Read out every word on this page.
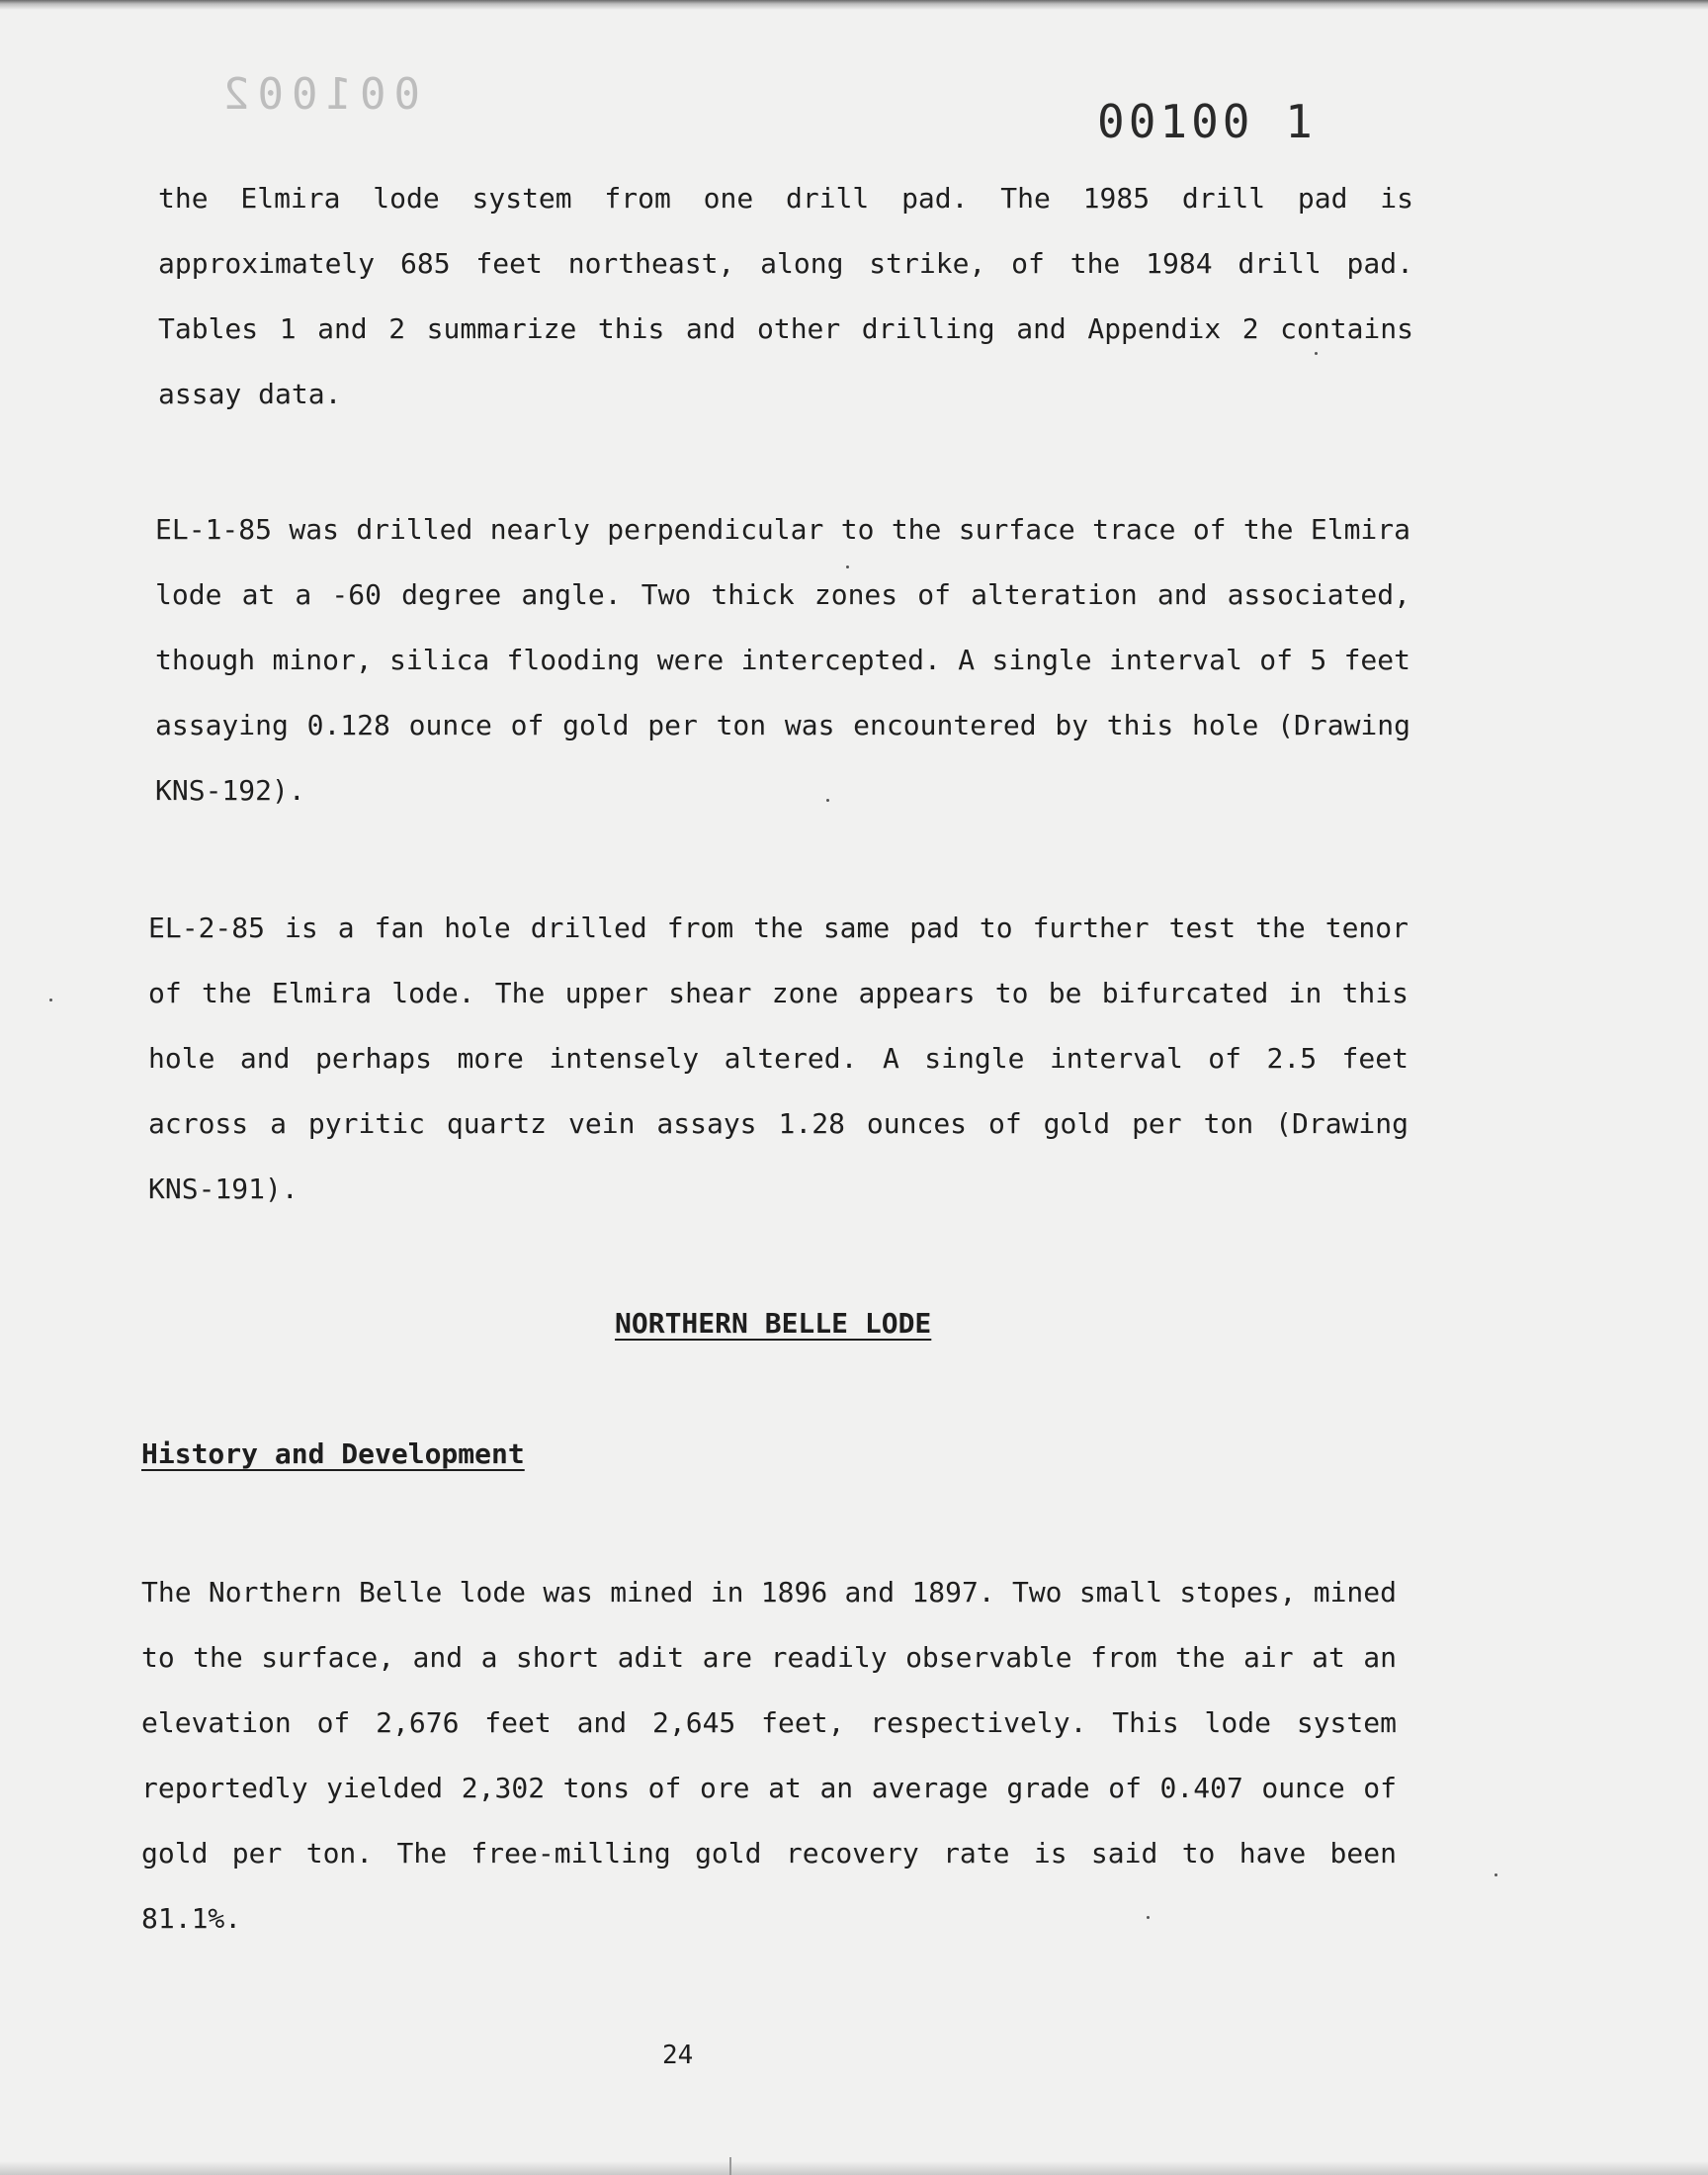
001002
00100 1

the Elmira lode system from one drill pad. The 1985 drill pad is approximately 685 feet northeast, along strike, of the 1984 drill pad. Tables 1 and 2 summarize this and other drilling and Appendix 2 contains assay data.

EL-1-85 was drilled nearly perpendicular to the surface trace of the Elmira lode at a -60 degree angle. Two thick zones of alteration and associated, though minor, silica flooding were intercepted. A single interval of 5 feet assaying 0.128 ounce of gold per ton was encountered by this hole (Drawing KNS-192).

EL-2-85 is a fan hole drilled from the same pad to further test the tenor of the Elmira lode. The upper shear zone appears to be bifurcated in this hole and perhaps more intensely altered. A single interval of 2.5 feet across a pyritic quartz vein assays 1.28 ounces of gold per ton (Drawing KNS-191).

NORTHERN BELLE LODE
History and Development

The Northern Belle lode was mined in 1896 and 1897. Two small stopes, mined to the surface, and a short adit are readily observable from the air at an elevation of 2,676 feet and 2,645 feet, respectively. This lode system reportedly yielded 2,302 tons of ore at an average grade of 0.407 ounce of gold per ton. The free-milling gold recovery rate is said to have been 81.1%.

24
